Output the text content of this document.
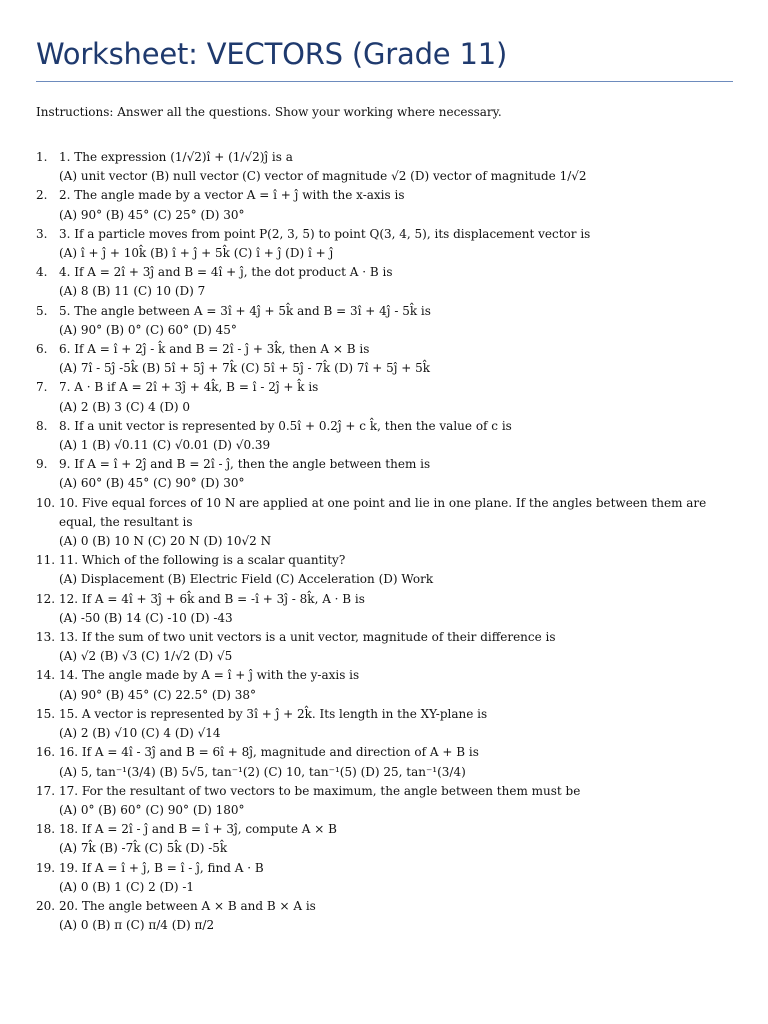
Worksheet: VECTORS (Grade 11)

Instructions: Answer all the questions. Show your working where necessary.

1. 1. The expression (1/√2)î + (1/√2)ĵ is a
(A) unit vector (B) null vector (C) vector of magnitude √2 (D) vector of magnitude 1/√2
2. 2. The angle made by a vector A = î + ĵ with the x-axis is
(A) 90° (B) 45° (C) 25° (D) 30°
3. 3. If a particle moves from point P(2, 3, 5) to point Q(3, 4, 5), its displacement vector is
(A) î + ĵ + 10k̂ (B) î + ĵ + 5k̂ (C) î + ĵ (D) î + ĵ
4. 4. If A = 2î + 3ĵ and B = 4î + ĵ, the dot product A · B is
(A) 8 (B) 11 (C) 10 (D) 7
5. 5. The angle between A = 3î + 4ĵ + 5k̂ and B = 3î + 4ĵ - 5k̂ is
(A) 90° (B) 0° (C) 60° (D) 45°
6. 6. If A = î + 2ĵ - k̂ and B = 2î - ĵ + 3k̂, then A × B is
(A) 7î - 5ĵ -5k̂ (B) 5î + 5ĵ + 7k̂ (C) 5î + 5ĵ - 7k̂ (D) 7î + 5ĵ + 5k̂
7. 7. A · B if A = 2î + 3ĵ + 4k̂, B = î - 2ĵ + k̂ is
(A) 2 (B) 3 (C) 4 (D) 0
8. 8. If a unit vector is represented by 0.5î + 0.2ĵ + c k̂, then the value of c is
(A) 1 (B) √0.11 (C) √0.01 (D) √0.39
9. 9. If A = î + 2ĵ and B = 2î - ĵ, then the angle between them is
(A) 60° (B) 45° (C) 90° (D) 30°
10. 10. Five equal forces of 10 N are applied at one point and lie in one plane. If the angles between them are equal, the resultant is
(A) 0 (B) 10 N (C) 20 N (D) 10√2 N
11. 11. Which of the following is a scalar quantity?
(A) Displacement (B) Electric Field (C) Acceleration (D) Work
12. 12. If A = 4î + 3ĵ + 6k̂ and B = -î + 3ĵ - 8k̂, A · B is
(A) -50 (B) 14 (C) -10 (D) -43
13. 13. If the sum of two unit vectors is a unit vector, magnitude of their difference is
(A) √2 (B) √3 (C) 1/√2 (D) √5
14. 14. The angle made by A = î + ĵ with the y-axis is
(A) 90° (B) 45° (C) 22.5° (D) 38°
15. 15. A vector is represented by 3î + ĵ + 2k̂. Its length in the XY-plane is
(A) 2 (B) √10 (C) 4 (D) √14
16. 16. If A = 4î - 3ĵ and B = 6î + 8ĵ, magnitude and direction of A + B is
(A) 5, tan⁻¹(3/4) (B) 5√5, tan⁻¹(2) (C) 10, tan⁻¹(5) (D) 25, tan⁻¹(3/4)
17. 17. For the resultant of two vectors to be maximum, the angle between them must be
(A) 0° (B) 60° (C) 90° (D) 180°
18. 18. If A = 2î - ĵ and B = î + 3ĵ, compute A × B
(A) 7k̂ (B) -7k̂ (C) 5k̂ (D) -5k̂
19. 19. If A = î + ĵ, B = î - ĵ, find A · B
(A) 0 (B) 1 (C) 2 (D) -1
20. 20. The angle between A × B and B × A is
(A) 0 (B) π (C) π/4 (D) π/2
